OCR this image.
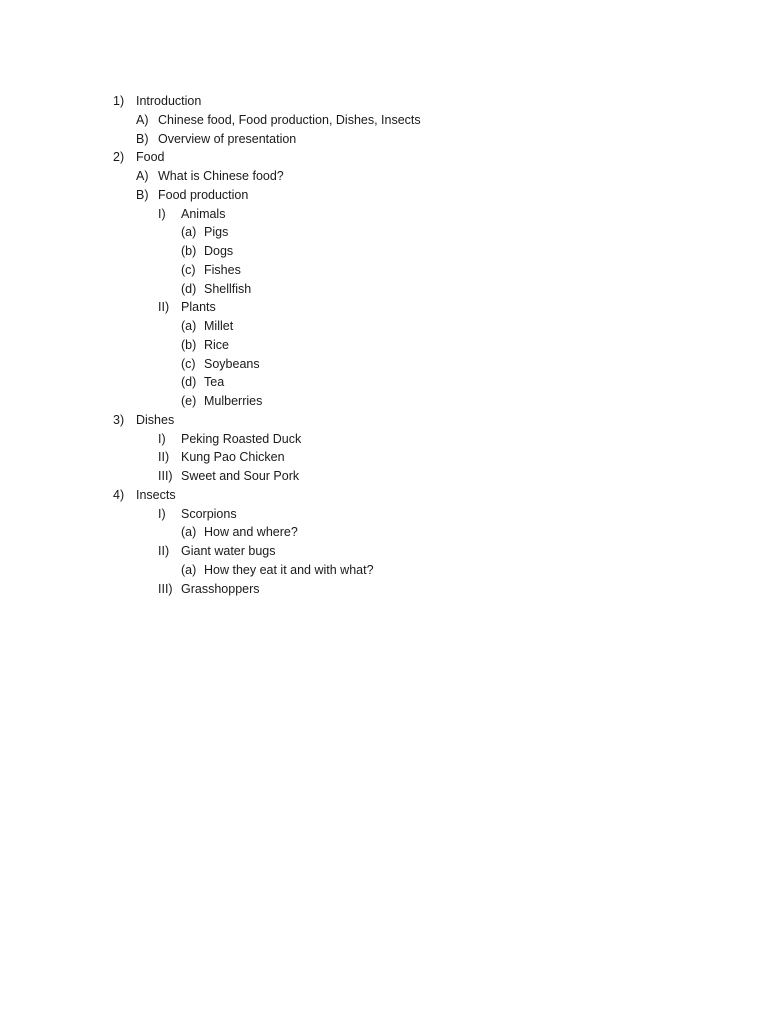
1) Introduction
A) Chinese food, Food production, Dishes, Insects
B) Overview of presentation
2) Food
A) What is Chinese food?
B) Food production
I) Animals
(a) Pigs
(b) Dogs
(c) Fishes
(d) Shellfish
II) Plants
(a) Millet
(b) Rice
(c) Soybeans
(d) Tea
(e) Mulberries
3) Dishes
I) Peking Roasted Duck
II) Kung Pao Chicken
III) Sweet and Sour Pork
4) Insects
I) Scorpions
(a) How and where?
II) Giant water bugs
(a) How they eat it and with what?
III) Grasshoppers
